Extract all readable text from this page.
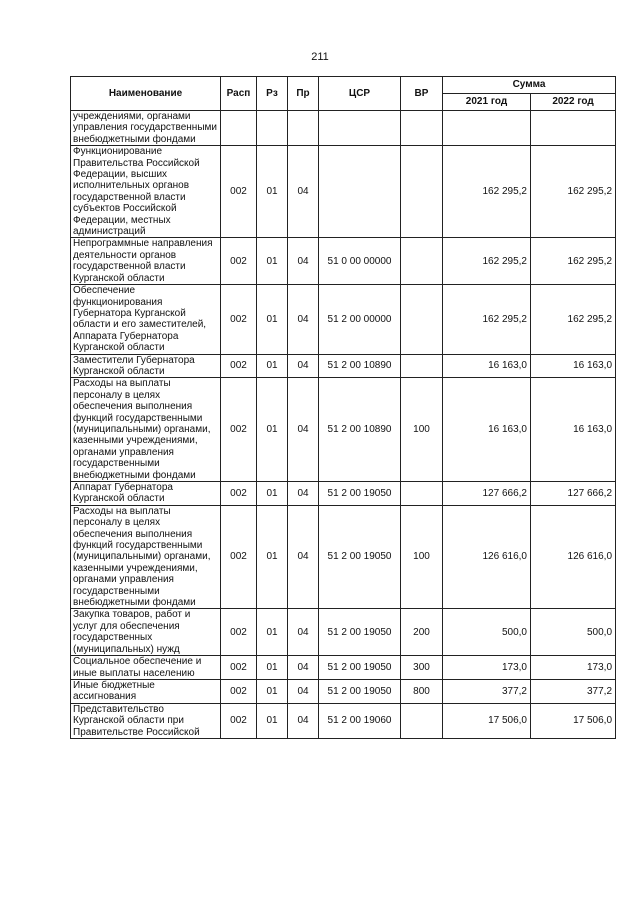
211
Наименование	Расп	Рз	Пр	ЦСР	ВР	Сумма	
						2021 год	2022 год
учреждениями, органами управления государственными внебюджетными фондами							
Функционирование Правительства Российской Федерации, высших исполнительных органов государственной власти субъектов Российской Федерации, местных администраций	002	01	04			162 295,2	162 295,2
Непрограммные направления деятельности органов государственной власти Курганской области	002	01	04	51 0 00 00000		162 295,2	162 295,2
Обеспечение функционирования Губернатора Курганской области и его заместителей, Аппарата Губернатора Курганской области	002	01	04	51 2 00 00000		162 295,2	162 295,2
Заместители Губернатора Курганской области	002	01	04	51 2 00 10890		16 163,0	16 163,0
Расходы на выплаты персоналу в целях обеспечения выполнения функций государственными (муниципальными) органами, казенными учреждениями, органами управления государственными внебюджетными фондами	002	01	04	51 2 00 10890	100	16 163,0	16 163,0
Аппарат Губернатора Курганской области	002	01	04	51 2 00 19050		127 666,2	127 666,2
Расходы на выплаты персоналу в целях обеспечения выполнения функций государственными (муниципальными) органами, казенными учреждениями, органами управления государственными внебюджетными фондами	002	01	04	51 2 00 19050	100	126 616,0	126 616,0
Закупка товаров, работ и услуг для обеспечения государственных (муниципальных) нужд	002	01	04	51 2 00 19050	200	500,0	500,0
Социальное обеспечение и иные выплаты населению	002	01	04	51 2 00 19050	300	173,0	173,0
Иные бюджетные ассигнования	002	01	04	51 2 00 19050	800	377,2	377,2
Представительство Курганской области при Правительстве Российской	002	01	04	51 2 00 19060		17 506,0	17 506,0
